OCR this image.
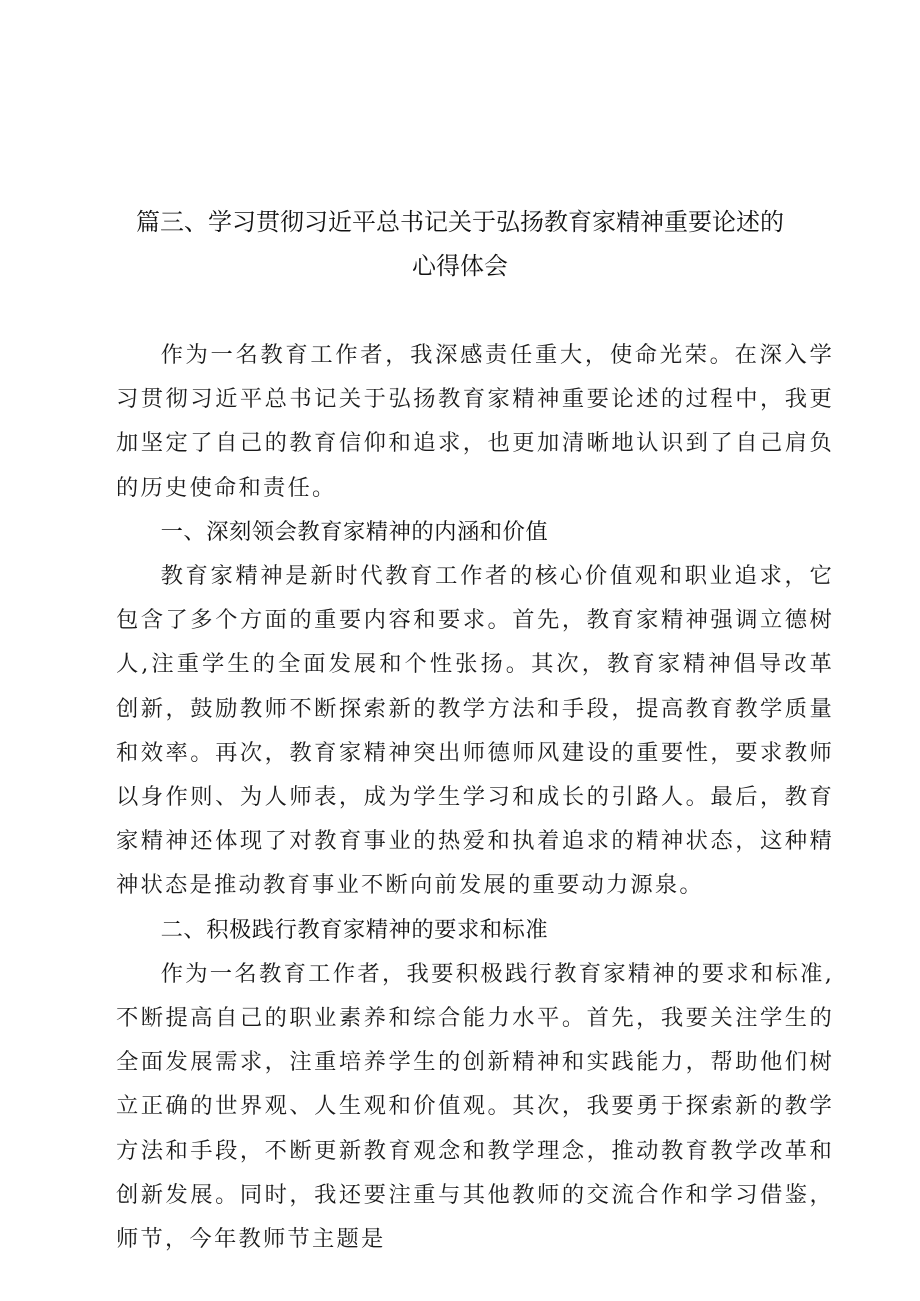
篇三、学习贯彻习近平总书记关于弘扬教育家精神重要论述的
心得体会

作为一名教育工作者，我深感责任重大，使命光荣。在深入学习贯彻习近平总书记关于弘扬教育家精神重要论述的过程中，我更加坚定了自己的教育信仰和追求，也更加清晰地认识到了自己肩负的历史使命和责任。

一、深刻领会教育家精神的内涵和价值

教育家精神是新时代教育工作者的核心价值观和职业追求，它包含了多个方面的重要内容和要求。首先，教育家精神强调立德树人,注重学生的全面发展和个性张扬。其次，教育家精神倡导改革创新，鼓励教师不断探索新的教学方法和手段，提高教育教学质量和效率。再次，教育家精神突出师德师风建设的重要性，要求教师以身作则、为人师表，成为学生学习和成长的引路人。最后，教育家精神还体现了对教育事业的热爱和执着追求的精神状态，这种精神状态是推动教育事业不断向前发展的重要动力源泉。

二、积极践行教育家精神的要求和标准

作为一名教育工作者，我要积极践行教育家精神的要求和标准,不断提高自己的职业素养和综合能力水平。首先，我要关注学生的全面发展需求，注重培养学生的创新精神和实践能力，帮助他们树立正确的世界观、人生观和价值观。其次，我要勇于探索新的教学方法和手段，不断更新教育观念和教学理念，推动教育教学改革和创新发展。同时，我还要注重与其他教师的交流合作和学习借鉴，师节，今年教师节主题是
